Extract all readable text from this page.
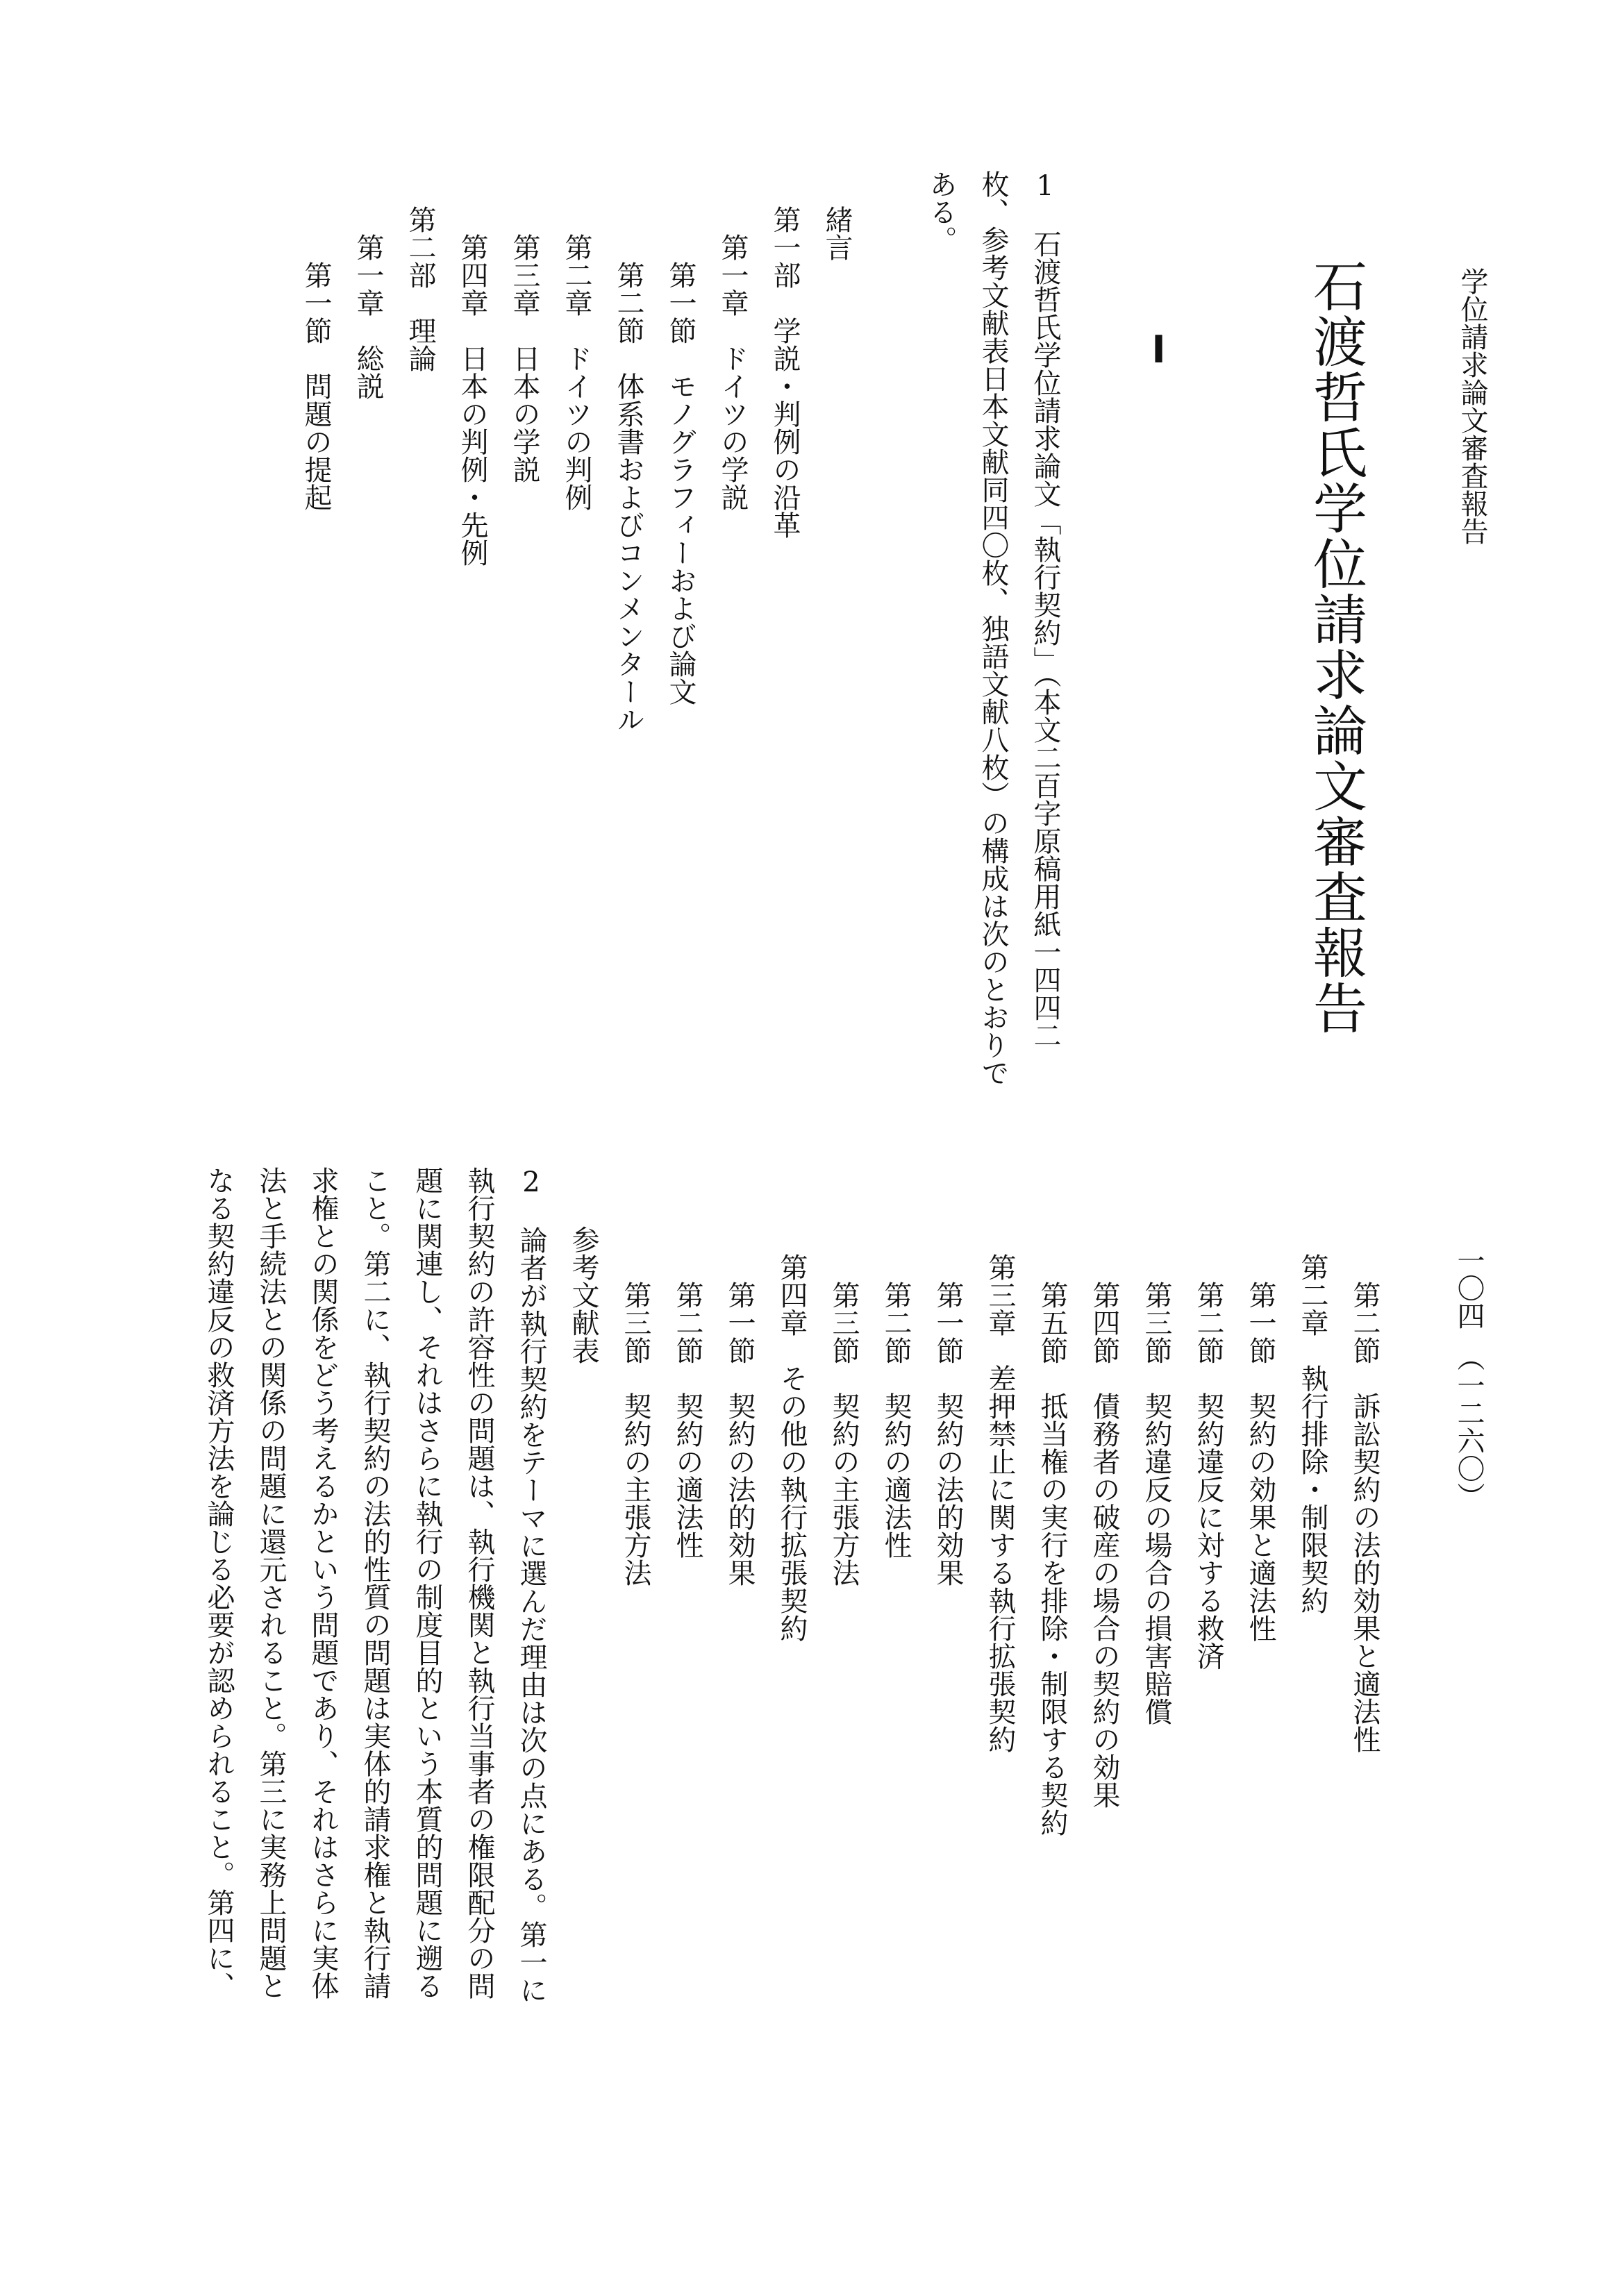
学位請求論文審査報告
石渡哲氏学位請求論文審査報告
I
一〇四　（一二六〇）
1　石渡哲氏学位請求論文「執行契約」（本文二百字原稿用紙一四四二
枚、参考文献表日本文献同四〇枚、独語文献八枚）の構成は次のとおりで
ある。
緒言
第一部　学説・判例の沿革
　第一章　ドイツの学説
　　第一節　モノグラフィーおよび論文
　　第二節　体系書およびコンメンタール
　第二章　ドイツの判例
　第三章　日本の学説
　第四章　日本の判例・先例
第二部　理論
　第一章　総説
　　第一節　問題の提起
　　第二節　訴訟契約の法的効果と適法性
　第二章　執行排除・制限契約
　　第一節　契約の効果と適法性
　　第二節　契約違反に対する救済
　　第三節　契約違反の場合の損害賠償
　　第四節　債務者の破産の場合の契約の効果
　　第五節　抵当権の実行を排除・制限する契約
　第三章　差押禁止に関する執行拡張契約
　　第一節　契約の法的効果
　　第二節　契約の適法性
　　第三節　契約の主張方法
　第四章　その他の執行拡張契約
　　第一節　契約の法的効果
　　第二節　契約の適法性
　　第三節　契約の主張方法
参考文献表
2　論者が執行契約をテーマに選んだ理由は次の点にある。第一に
執行契約の許容性の問題は、執行機関と執行当事者の権限配分の問
題に関連し、それはさらに執行の制度目的という本質的問題に遡る
こと。第二に、執行契約の法的性質の問題は実体的請求権と執行請
求権との関係をどう考えるかという問題であり、それはさらに実体
法と手続法との関係の問題に還元されること。第三に実務上問題と
なる契約違反の救済方法を論じる必要が認められること。第四に、
